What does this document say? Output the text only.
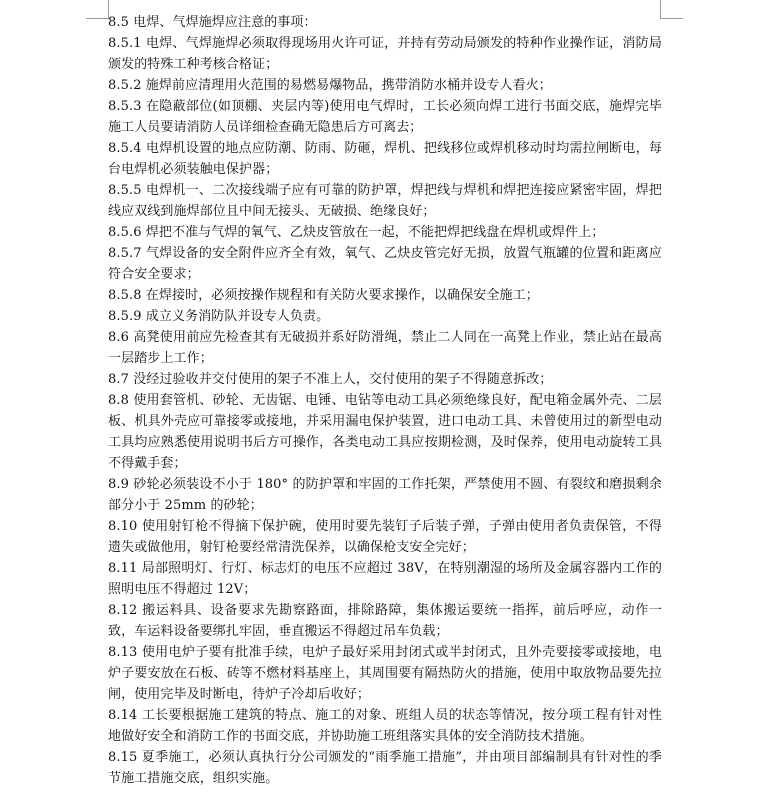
8.5 电焊、气焊施焊应注意的事项：

8.5.1 电焊、气焊施焊必须取得现场用火许可证，并持有劳动局颁发的特种作业操作证，消防局颁发的特殊工种考核合格证；

8.5.2 施焊前应清理用火范围的易燃易爆物品，携带消防水桶并设专人看火；

8.5.3 在隐蔽部位(如顶棚、夹层内等)使用电气焊时，工长必须向焊工进行书面交底，施焊完毕施工人员要请消防人员详细检查确无隐患后方可离去；

8.5.4 电焊机设置的地点应防潮、防雨、防砸，焊机、把线移位或焊机移动时均需拉闸断电，每台电焊机必须装触电保护器；

8.5.5 电焊机一、二次接线端子应有可靠的防护罩，焊把线与焊机和焊把连接应紧密牢固，焊把线应双线到施焊部位且中间无接头、无破损、绝缘良好；

8.5.6 焊把不准与气焊的氧气、乙炔皮管放在一起，不能把焊把线盘在焊机或焊件上；

8.5.7 气焊设备的安全附件应齐全有效，氧气、乙炔皮管完好无损，放置气瓶罐的位置和距离应符合安全要求；

8.5.8 在焊接时，必须按操作规程和有关防火要求操作，以确保安全施工；

8.5.9 成立义务消防队并设专人负责。

8.6 高凳使用前应先检查其有无破损并系好防滑绳，禁止二人同在一高凳上作业，禁止站在最高一层踏步上工作；

8.7 没经过验收并交付使用的架子不准上人，交付使用的架子不得随意拆改；

8.8 使用套管机、砂轮、无齿锯、电锤、电钻等电动工具必须绝缘良好，配电箱金属外壳、二层板、机具外壳应可靠接零或接地，并采用漏电保护装置，进口电动工具、未曾使用过的新型电动工具均应熟悉使用说明书后方可操作，各类电动工具应按期检测，及时保养，使用电动旋转工具不得戴手套；

8.9 砂轮必须装设不小于 180° 的防护罩和牢固的工作托架，严禁使用不圆、有裂纹和磨损剩余部分小于 25mm 的砂轮；

8.10 使用射钉枪不得摘下保护碗，使用时要先装钉子后装子弹，子弹由使用者负责保管，不得遗失或做他用，射钉枪要经常清洗保养，以确保枪支安全完好；

8.11 局部照明灯、行灯、标志灯的电压不应超过 38V，在特别潮湿的场所及金属容器内工作的照明电压不得超过 12V；

8.12 搬运料具、设备要求先勘察路面，排除路障，集体搬运要统一指挥，前后呼应，动作一致，车运料设备要绑扎牢固，垂直搬运不得超过吊车负载；

8.13 使用电炉子要有批准手续，电炉子最好采用封闭式或半封闭式，且外壳要接零或接地，电炉子要安放在石板、砖等不燃材料基座上，其周围要有隔热防火的措施，使用中取放物品要先拉闸，使用完毕及时断电，待炉子冷却后收好；

8.14 工长要根据施工建筑的特点、施工的对象、班组人员的状态等情况，按分项工程有针对性地做好安全和消防工作的书面交底，并协助施工班组落实具体的安全消防技术措施。

8.15 夏季施工，必须认真执行分公司颁发的“雨季施工措施”，并由项目部编制具有针对性的季节施工措施交底，组织实施。
